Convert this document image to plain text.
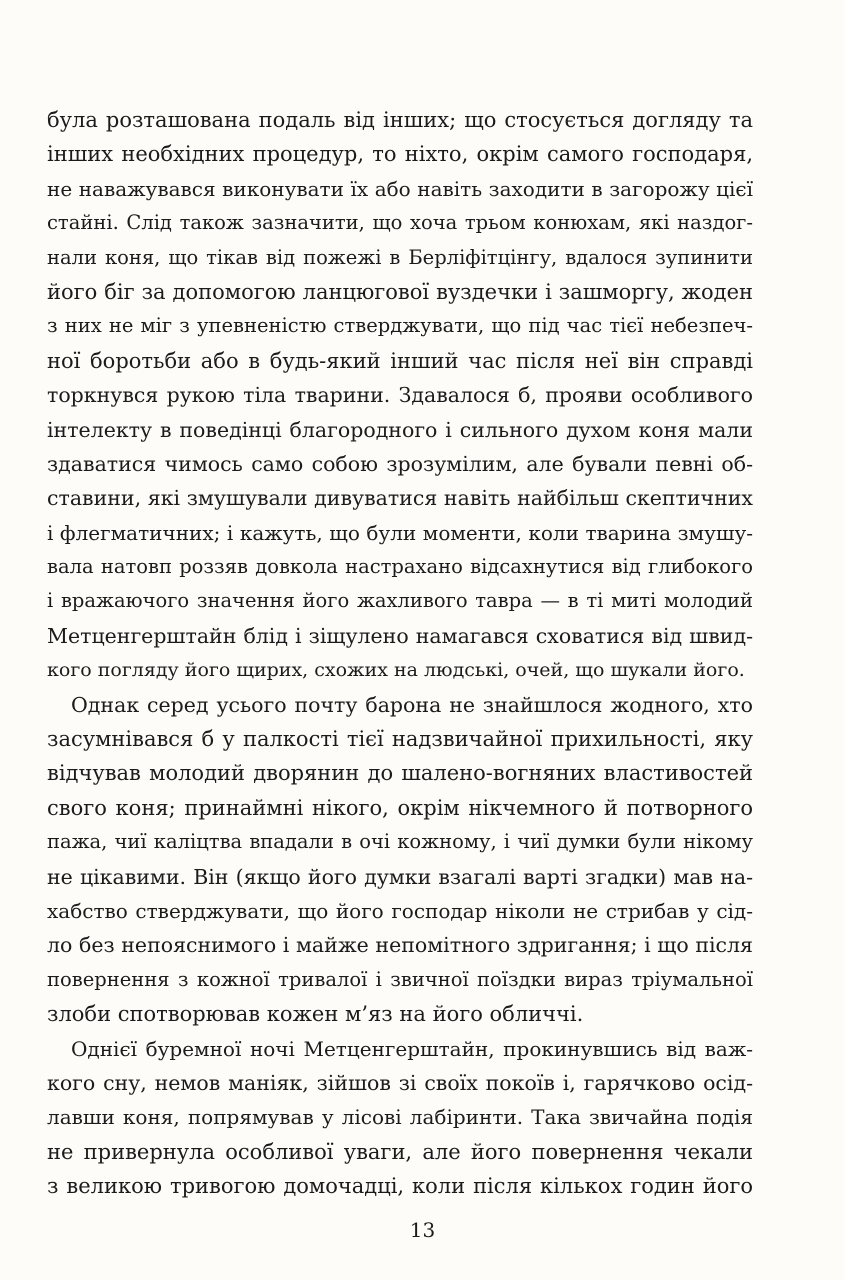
була розташована подаль від інших; що стосується догляду та
інших необхідних процедур, то ніхто, окрім самого господаря,
не наважувався виконувати їх або навіть заходити в загорожу цієї
стайні. Слід також зазначити, що хоча трьом конюхам, які наздог-
нали коня, що тікав від пожежі в Берліфітцінгу, вдалося зупинити
його біг за допомогою ланцюгової вуздечки і зашморгу, жоден
з них не міг з упевненістю стверджувати, що під час тієї небезпеч-
ної боротьби або в будь-який інший час після неї він справді
торкнувся рукою тіла тварини. Здавалося б, прояви особливого
інтелекту в поведінці благородного і сильного духом коня мали
здаватися чимось само собою зрозумілим, але бували певні об-
ставини, які змушували дивуватися навіть найбільш скептичних
і флегматичних; і кажуть, що були моменти, коли тварина змушу-
вала натовп роззяв довкола настрахано відсахнутися від глибокого
і вражаючого значення його жахливого тавра — в ті миті молодий
Метценгерштайн блід і зіщулено намагався сховатися від швид-
кого погляду його щирих, схожих на людські, очей, що шукали його.
Однак серед усього почту барона не знайшлося жодного, хто
засумнівався б у палкості тієї надзвичайної прихильності, яку
відчував молодий дворянин до шалено-вогняних властивостей
свого коня; принаймні нікого, окрім нікчемного й потворного
пажа, чиї каліцтва впадали в очі кожному, і чиї думки були нікому
не цікавими. Він (якщо його думки взагалі варті згадки) мав на-
хабство стверджувати, що його господар ніколи не стрибав у сід-
ло без непояснимого і майже непомітного здригання; і що після
повернення з кожної тривалої і звичної поїздки вираз тріумальної
злоби спотворював кожен м’яз на його обличчі.
Однієї буремної ночі Метценгерштайн, прокинувшись від важ-
кого сну, немов маніяк, зійшов зі своїх покоїв і, гарячково осід-
лавши коня, попрямував у лісові лабіринти. Така звичайна подія
не привернула особливої уваги, але його повернення чекали
з великою тривогою домочадці, коли після кількох годин його
13
